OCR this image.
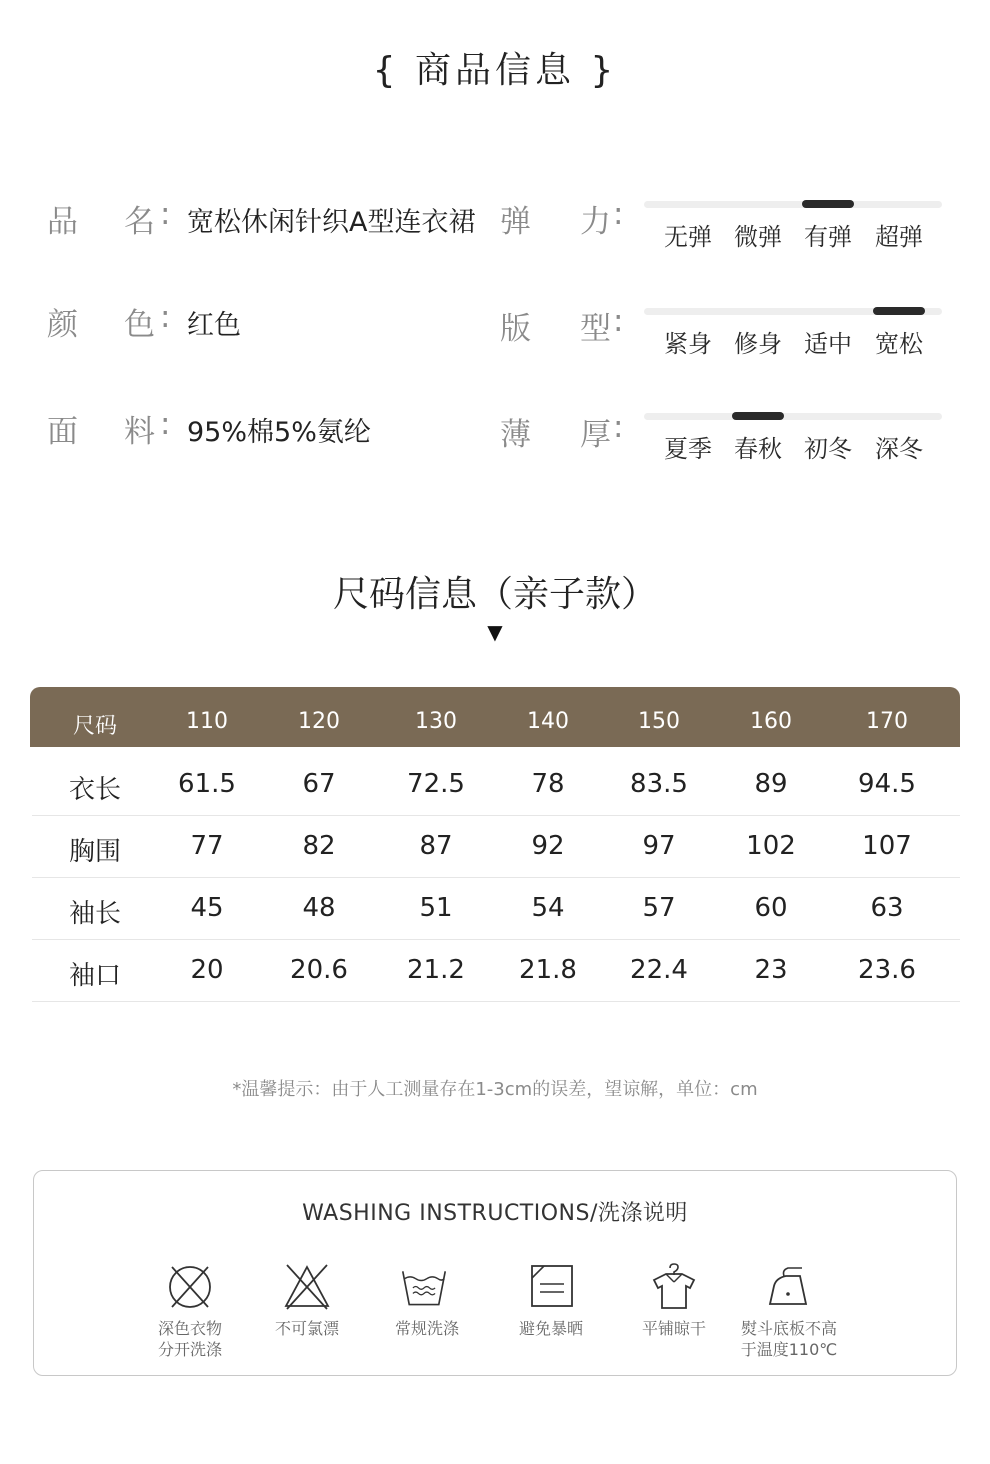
{ 商品信息 }
品 名 : 宽松休闲针织A型连衣裙
颜 色 : 红色
面 料 : 95%棉5%氨纶
弹 力 :
无弹 微弹 有弹 超弹
版 型 :
紧身 修身 适中 宽松
薄 厚 :
夏季 春秋 初冬 深冬
尺码信息（亲子款）
▼
尺码	110	120	130	140	150	160	170
衣长 61.5	67	72.5	78	83.5	89	94.5
胸围	77	82	87	92	97	102	107
袖长	45	48	51	54	57	60	63
袖口	20	20.6 21.2 21.8 22.4	23	23.6
*温馨提示：由于人工测量存在1-3cm的误差，望谅解，单位：cm
WASHING INSTRUCTIONS/洗涤说明
深色衣物
分开洗涤
不可氯漂	常规洗涤	避免暴晒	平铺晾干 熨斗底板不高
于温度110℃
